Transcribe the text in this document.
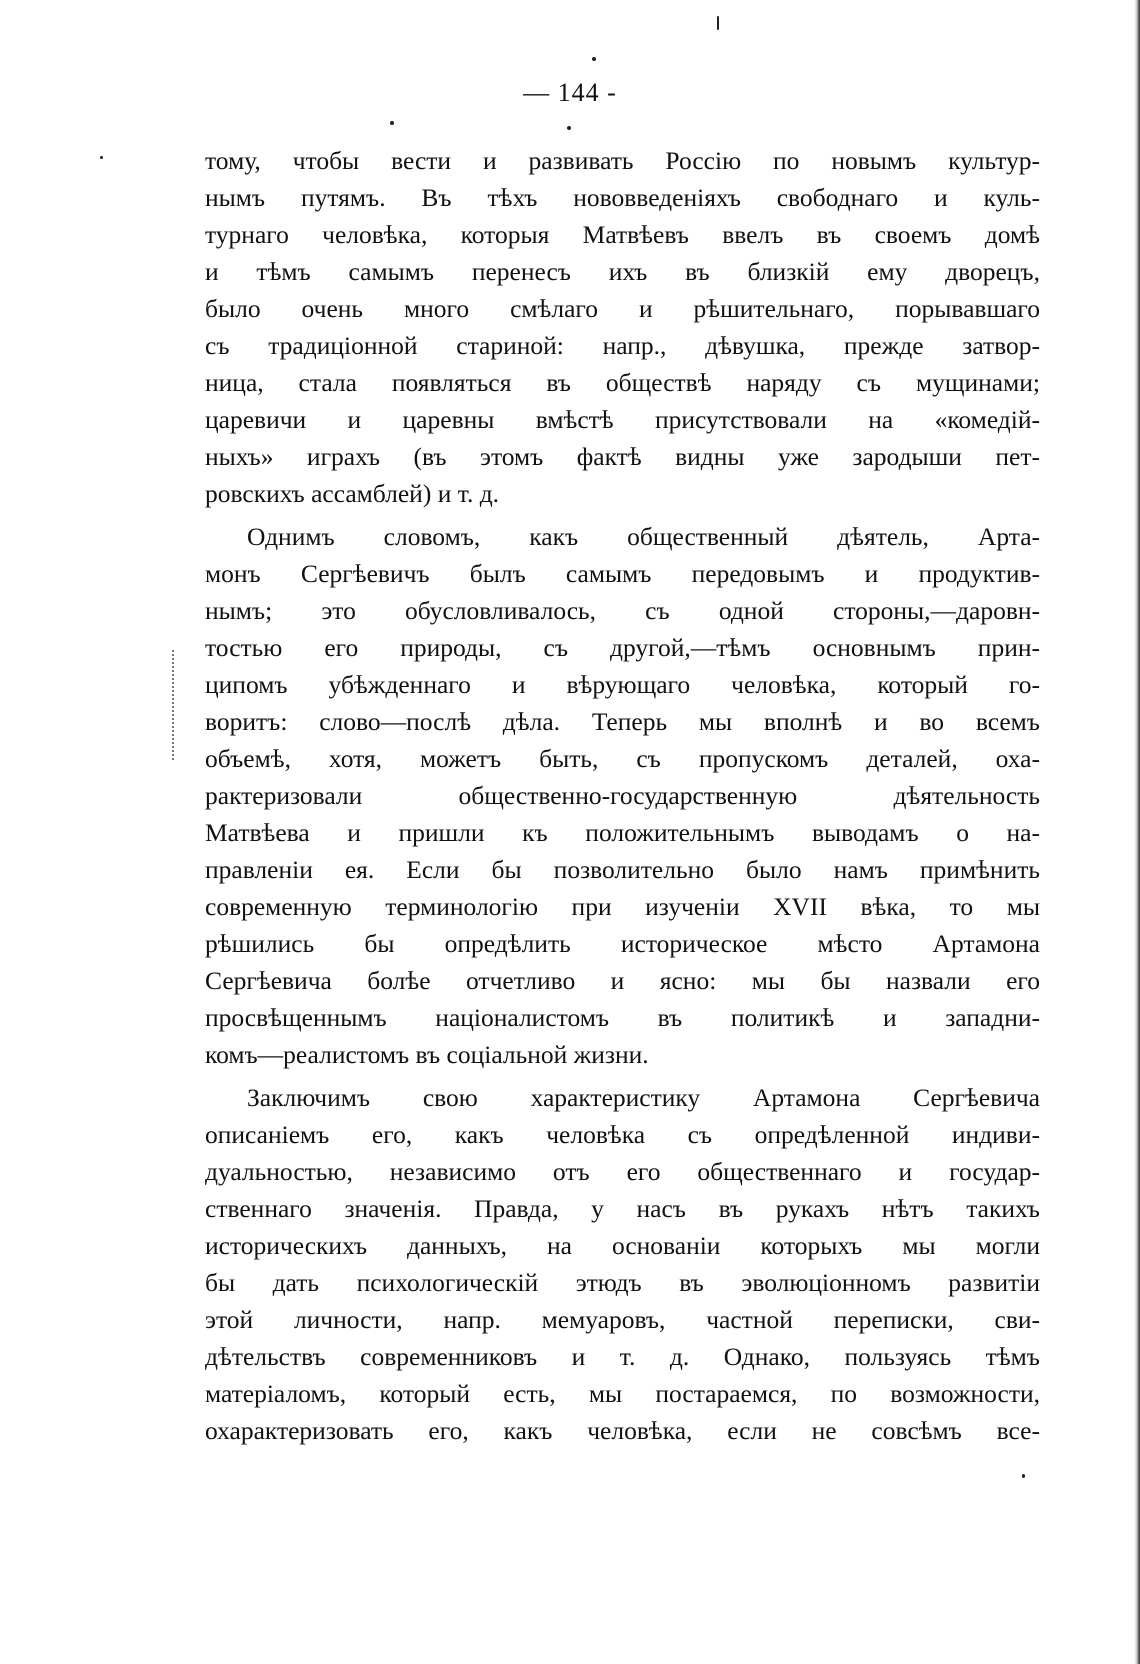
— 144 -
тому, чтобы вести и развивать Россію по новымъ культур-
нымъ путямъ. Въ тѣхъ нововведеніяхъ свободнаго и куль-
турнаго человѣка, которыя Матвѣевъ ввелъ въ своемъ домѣ
и тѣмъ самымъ перенесъ ихъ въ близкій ему дворецъ,
было очень много смѣлаго и рѣшительнаго, порывавшаго
съ традиціонной стариной: напр., дѣвушка, прежде затвор-
ница, стала появляться въ обществѣ наряду съ мущинами;
царевичи и царевны вмѣстѣ присутствовали на «комедій-
ныхъ» играхъ (въ этомъ фактѣ видны уже зародыши пет-
ровскихъ ассамблей) и т. д.
Однимъ словомъ, какъ общественный дѣятель, Арта-
монъ Сергѣевичъ былъ самымъ передовымъ и продуктив-
нымъ; это обусловливалось, съ одной стороны,—даровн-
тостью его природы, съ другой,—тѣмъ основнымъ прин-
ципомъ убѣжденнаго и вѣрующаго человѣка, который го-
воритъ: слово—послѣ дѣла. Теперь мы вполнѣ и во всемъ
объемѣ, хотя, можетъ быть, съ пропускомъ деталей, оха-
рактеризовали общественно-государственную дѣятельность
Матвѣева и пришли къ положительнымъ выводамъ о на-
правленіи ея. Если бы позволительно было намъ примѣнить
современную терминологію при изученіи XVII вѣка, то мы
рѣшились бы опредѣлить историческое мѣсто Артамона
Сергѣевича болѣе отчетливо и ясно: мы бы назвали его
просвѣщеннымъ націоналистомъ въ политикѣ и западни-
комъ—реалистомъ въ соціальной жизни.
Заключимъ свою характеристику Артамона Сергѣевича
описаніемъ его, какъ человѣка съ опредѣленной индиви-
дуальностью, независимо отъ его общественнаго и государ-
ственнаго значенія. Правда, у насъ въ рукахъ нѣтъ такихъ
историческихъ данныхъ, на основаніи которыхъ мы могли
бы дать психологическій этюдъ въ эволюціонномъ развитіи
этой личности, напр. мемуаровъ, частной переписки, сви-
дѣтельствъ современниковъ и т. д. Однако, пользуясь тѣмъ
матеріаломъ, который есть, мы постараемся, по возможности,
охарактеризовать его, какъ человѣка, если не совсѣмъ все-
